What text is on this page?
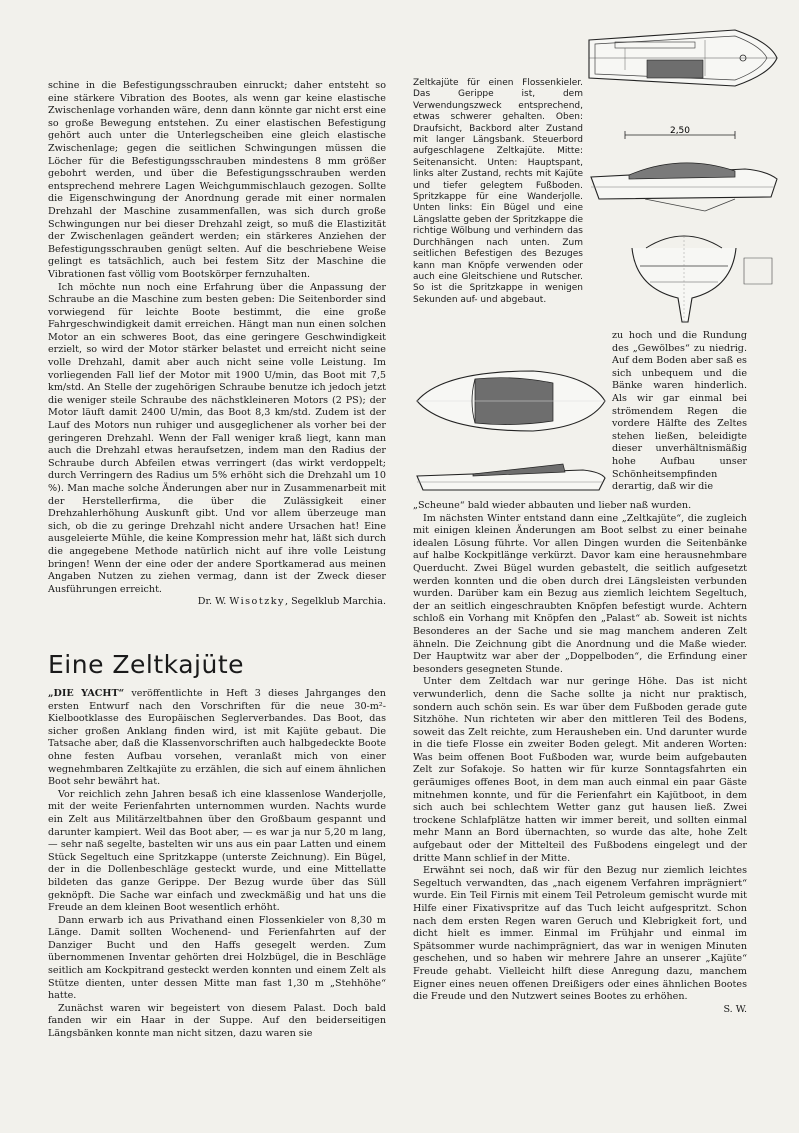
schine in die Befestigungsschrauben einruckt; daher entsteht so eine stärkere Vibration des Bootes, als wenn gar keine elastische Zwischenlage vorhanden wäre, denn dann könnte gar nicht erst eine so große Bewegung entstehen. Zu einer elastischen Befestigung gehört auch unter die Unterlegscheiben eine gleich elastische Zwischenlage; gegen die seitlichen Schwingungen müssen die Löcher für die Befestigungsschrauben mindestens 8 mm größer gebohrt werden, und über die Befestigungsschrauben werden entsprechend mehrere Lagen Weichgummischlauch gezogen. Sollte die Eigenschwingung der Anordnung gerade mit einer normalen Drehzahl der Maschine zusammenfallen, was sich durch große Schwingungen nur bei dieser Drehzahl zeigt, so muß die Elastizität der Zwischenlagen geändert werden; ein stärkeres Anziehen der Befestigungsschrauben genügt selten. Auf die beschriebene Weise gelingt es tatsächlich, auch bei festem Sitz der Maschine die Vibrationen fast völlig vom Bootskörper fernzuhalten.

Ich möchte nun noch eine Erfahrung über die Anpassung der Schraube an die Maschine zum besten geben: Die Seitenborder sind vorwiegend für leichte Boote bestimmt, die eine große Fahrgeschwindigkeit damit erreichen. Hängt man nun einen solchen Motor an ein schweres Boot, das eine geringere Geschwindigkeit erzielt, so wird der Motor stärker belastet und erreicht nicht seine volle Drehzahl, damit aber auch nicht seine volle Leistung. Im vorliegenden Fall lief der Motor mit 1900 U/min, das Boot mit 7,5 km/std. An Stelle der zugehörigen Schraube benutze ich jedoch jetzt die weniger steile Schraube des nächstkleineren Motors (2 PS); der Motor läuft damit 2400 U/min, das Boot 8,3 km/std. Zudem ist der Lauf des Motors nun ruhiger und ausgeglichener als vorher bei der geringeren Drehzahl. Wenn der Fall weniger kraß liegt, kann man auch die Drehzahl etwas heraufsetzen, indem man den Radius der Schraube durch Abfeilen etwas verringert (das wirkt verdoppelt; durch Verringern des Radius um 5% erhöht sich die Drehzahl um 10 %). Man mache solche Änderungen aber nur in Zusammenarbeit mit der Herstellerfirma, die über die Zulässigkeit einer Drehzahlerhöhung Auskunft gibt. Und vor allem überzeuge man sich, ob die zu geringe Drehzahl nicht andere Ursachen hat! Eine ausgeleierte Mühle, die keine Kompression mehr hat, läßt sich durch die angegebene Methode natürlich nicht auf ihre volle Leistung bringen! Wenn der eine oder der andere Sportkamerad aus meinen Angaben Nutzen zu ziehen vermag, dann ist der Zweck dieser Ausführungen erreicht.

Dr. W. Wisotzky, Segelklub Marchia.

2,50
Zeltkajüte für einen Flossenkieler. Das Gerippe ist, dem Verwendungszweck entsprechend, etwas schwerer gehalten. Oben: Draufsicht, Backbord alter Zustand mit langer Längsbank. Steuerbord aufgeschlagene Zeltkajüte. Mitte: Seitenansicht. Unten: Hauptspant, links alter Zustand, rechts mit Kajüte und tiefer gelegtem Fußboden. Spritzkappe für eine Wanderjolle. Unten links: Ein Bügel und eine Längslatte geben der Spritzkappe die richtige Wölbung und verhindern das Durchhängen nach unten. Zum seitlichen Befestigen des Bezuges kann man Knöpfe verwenden oder auch eine Gleitschiene und Rutscher. So ist die Spritzkappe in wenigen Sekunden auf- und abgebaut.
zu hoch und die Rundung des „Gewölbes“ zu niedrig. Auf dem Boden aber saß es sich unbequem und die Bänke waren hinderlich. Als wir gar einmal bei strömendem Regen die vordere Hälfte des Zeltes stehen ließen, beleidigte dieser unverhältnismäßig hohe Aufbau unser Schönheitsempfinden derartig, daß wir die
Eine Zeltkajüte

„DIE YACHT“ veröffentlichte in Heft 3 dieses Jahrganges den ersten Entwurf nach den Vorschriften für die neue 30-m²-Kielbootklasse des Europäischen Seglerverbandes. Das Boot, das sicher großen Anklang finden wird, ist mit Kajüte gebaut. Die Tatsache aber, daß die Klassenvorschriften auch halbgedeckte Boote ohne festen Aufbau vorsehen, veranlaßt mich von einer wegnehmbaren Zeltkajüte zu erzählen, die sich auf einem ähnlichen Boot sehr bewährt hat.

Vor reichlich zehn Jahren besaß ich eine klassenlose Wanderjolle, mit der weite Ferienfahrten unternommen wurden. Nachts wurde ein Zelt aus Militärzeltbahnen über den Großbaum gespannt und darunter kampiert. Weil das Boot aber, — es war ja nur 5,20 m lang, — sehr naß segelte, bastelten wir uns aus ein paar Latten und einem Stück Segeltuch eine Spritzkappe (unterste Zeichnung). Ein Bügel, der in die Dollenbeschläge gesteckt wurde, und eine Mittellatte bildeten das ganze Gerippe. Der Bezug wurde über das Süll geknöpft. Die Sache war einfach und zweckmäßig und hat uns die Freude an dem kleinen Boot wesentlich erhöht.

Dann erwarb ich aus Privathand einen Flossenkieler von 8,30 m Länge. Damit sollten Wochenend- und Ferienfahrten auf der Danziger Bucht und den Haffs gesegelt werden. Zum übernommenen Inventar gehörten drei Holzbügel, die in Beschläge seitlich am Kockpitrand gesteckt werden konnten und einem Zelt als Stütze dienten, unter dessen Mitte man fast 1,30 m „Stehhöhe“ hatte.

Zunächst waren wir begeistert von diesem Palast. Doch bald fanden wir ein Haar in der Suppe. Auf den beiderseitigen Längsbänken konnte man nicht sitzen, dazu waren sie

„Scheune“ bald wieder abbauten und lieber naß wurden.

Im nächsten Winter entstand dann eine „Zeltkajüte“, die zugleich mit einigen kleinen Änderungen am Boot selbst zu einer beinahe idealen Lösung führte. Vor allen Dingen wurden die Seitenbänke auf halbe Kockpitlänge verkürzt. Davor kam eine herausnehmbare Querducht. Zwei Bügel wurden gebastelt, die seitlich aufgesetzt werden konnten und die oben durch drei Längsleisten verbunden wurden. Darüber kam ein Bezug aus ziemlich leichtem Segeltuch, der an seitlich eingeschraubten Knöpfen befestigt wurde. Achtern schloß ein Vorhang mit Knöpfen den „Palast“ ab. Soweit ist nichts Besonderes an der Sache und sie mag manchem anderen Zelt ähneln. Die Zeichnung gibt die Anordnung und die Maße wieder. Der Hauptwitz war aber der „Doppelboden“, die Erfindung einer besonders gesegneten Stunde.

Unter dem Zeltdach war nur geringe Höhe. Das ist nicht verwunderlich, denn die Sache sollte ja nicht nur praktisch, sondern auch schön sein. Es war über dem Fußboden gerade gute Sitzhöhe. Nun richteten wir aber den mittleren Teil des Bodens, soweit das Zelt reichte, zum Herausheben ein. Und darunter wurde in die tiefe Flosse ein zweiter Boden gelegt. Mit anderen Worten: Was beim offenen Boot Fußboden war, wurde beim aufgebauten Zelt zur Sofakoje. So hatten wir für kurze Sonntagsfahrten ein geräumiges offenes Boot, in dem man auch einmal ein paar Gäste mitnehmen konnte, und für die Ferienfahrt ein Kajütboot, in dem sich auch bei schlechtem Wetter ganz gut hausen ließ. Zwei trockene Schlafplätze hatten wir immer bereit, und sollten einmal mehr Mann an Bord übernachten, so wurde das alte, hohe Zelt aufgebaut oder der Mittelteil des Fußbodens eingelegt und der dritte Mann schlief in der Mitte.

Erwähnt sei noch, daß wir für den Bezug nur ziemlich leichtes Segeltuch verwandten, das „nach eigenem Verfahren imprägniert“ wurde. Ein Teil Firnis mit einem Teil Petroleum gemischt wurde mit Hilfe einer Fixativspritze auf das Tuch leicht aufgespritzt. Schon nach dem ersten Regen waren Geruch und Klebrigkeit fort, und dicht hielt es immer. Einmal im Frühjahr und einmal im Spätsommer wurde nachimprägniert, das war in wenigen Minuten geschehen, und so haben wir mehrere Jahre an unserer „Kajüte“ Freude gehabt. Vielleicht hilft diese Anregung dazu, manchem Eigner eines neuen offenen Dreißigers oder eines ähnlichen Bootes die Freude und den Nutzwert seines Bootes zu erhöhen.

S. W.
